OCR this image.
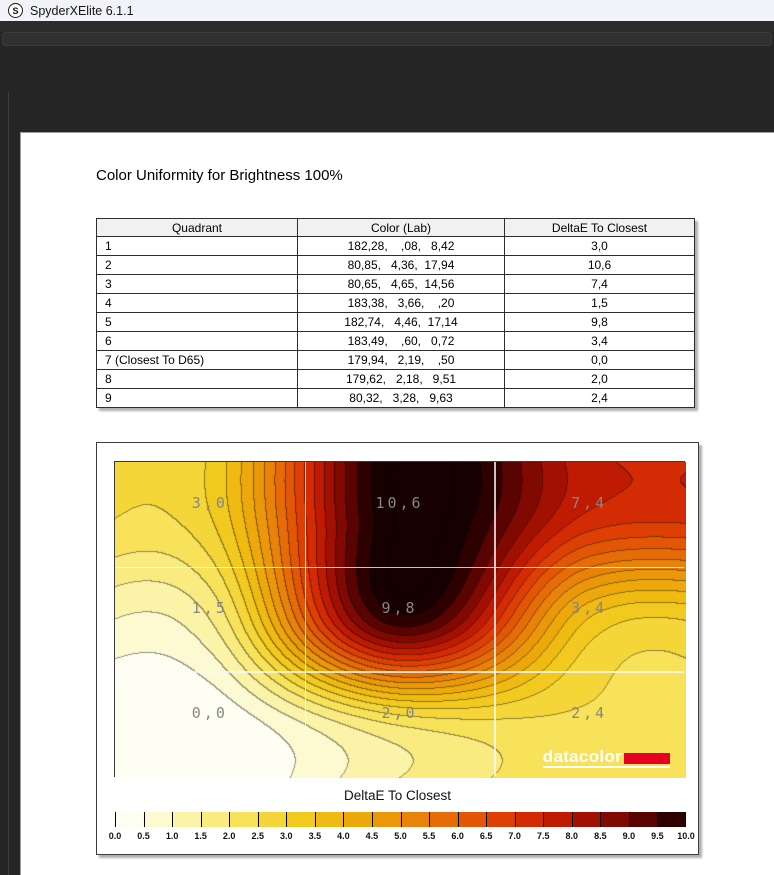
S SpyderXElite 6.1.1
Color Uniformity for Brightness 100%
Quadrant	Color (Lab)	DeltaE To Closest
1	182,28,    ,08,   8,42	3,0
2	80,85,   4,36,  17,94	10,6
3	80,65,   4,65,  14,56	7,4
4	183,38,   3,66,    ,20	1,5
5	182,74,   4,46,  17,14	9,8
6	183,49,    ,60,   0,72	3,4
7 (Closest To D65)	179,94,   2,19,    ,50	0,0
8	179,62,   2,18,   9,51	2,0
9	80,32,   3,28,   9,63	2,4
3,0	10,6	7,4
1,5	9,8	3,4
0,0	2,0	2,4
datacolor
DeltaE To Closest
0.0 0.5 1.0 1.5 2.0 2.5 3.0 3.5 4.0 4.5 5.0 5.5 6.0 6.5 7.0 7.5 8.0 8.5 9.0 9.5 10.0
